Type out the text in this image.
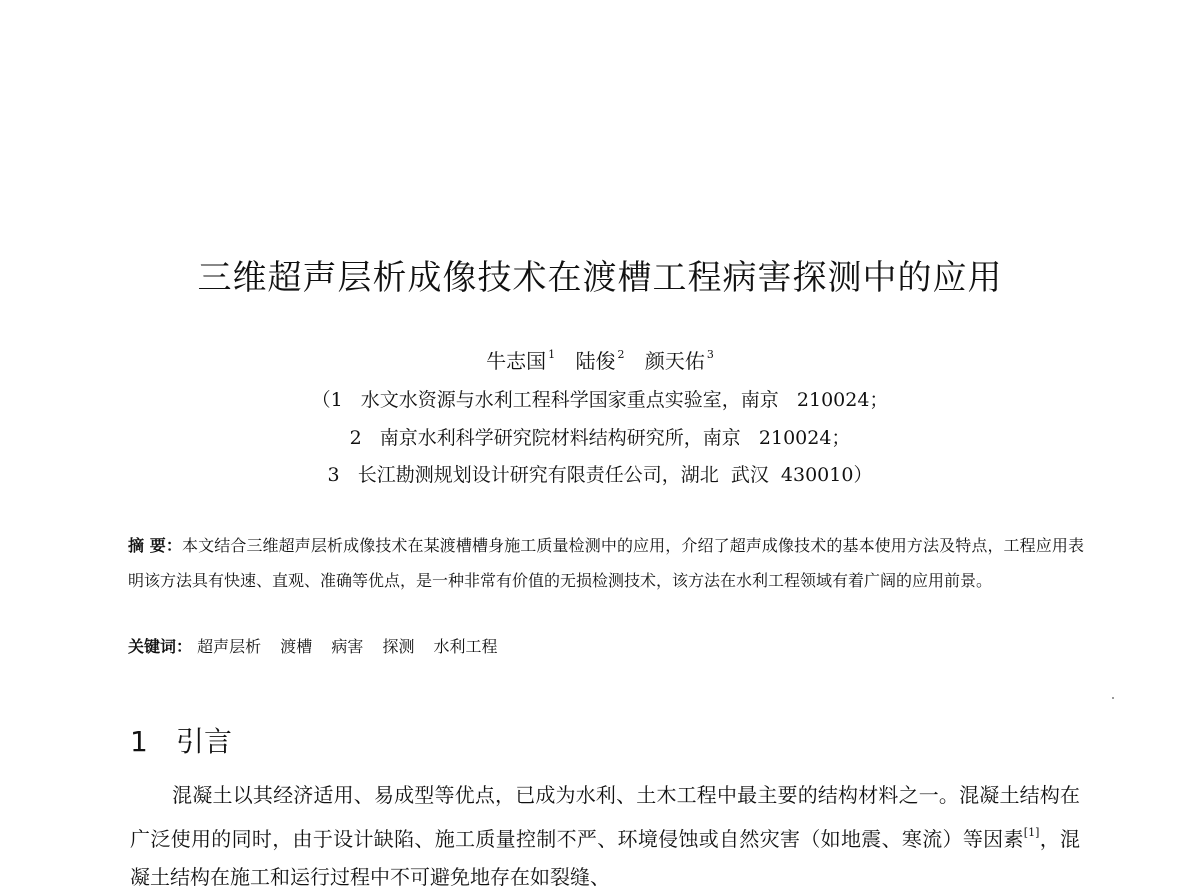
三维超声层析成像技术在渡槽工程病害探测中的应用
牛志国 $^1$ 陆俊 $^2$ 颜天佑 $^3$
（1   水文水资源与水利工程科学国家重点实验室，南京   210024；
2   南京水利科学研究院材料结构研究所，南京   210024；
3   长江勘测规划设计研究有限责任公司，湖北  武汉  430010）
摘 要：本文结合三维超声层析成像技术在某渡槽槽身施工质量检测中的应用，介绍了超声成像技术的基本使用方法及特点，工程应用表明该方法具有快速、直观、准确等优点，是一种非常有价值的无损检测技术，该方法在水利工程领域有着广阔的应用前景。
关键词： 超声层析 渡槽 病害 探测 水利工程
1 引言
混凝土以其经济适用、易成型等优点，已成为水利、土木工程中最主要的结构材料之一。混凝土结构在广泛使用的同时，由于设计缺陷、施工质量控制不严、环境侵蚀或自然灾害（如地震、寒流）等因素[1]，混凝土结构在施工和运行过程中不可避免地存在如裂缝、
